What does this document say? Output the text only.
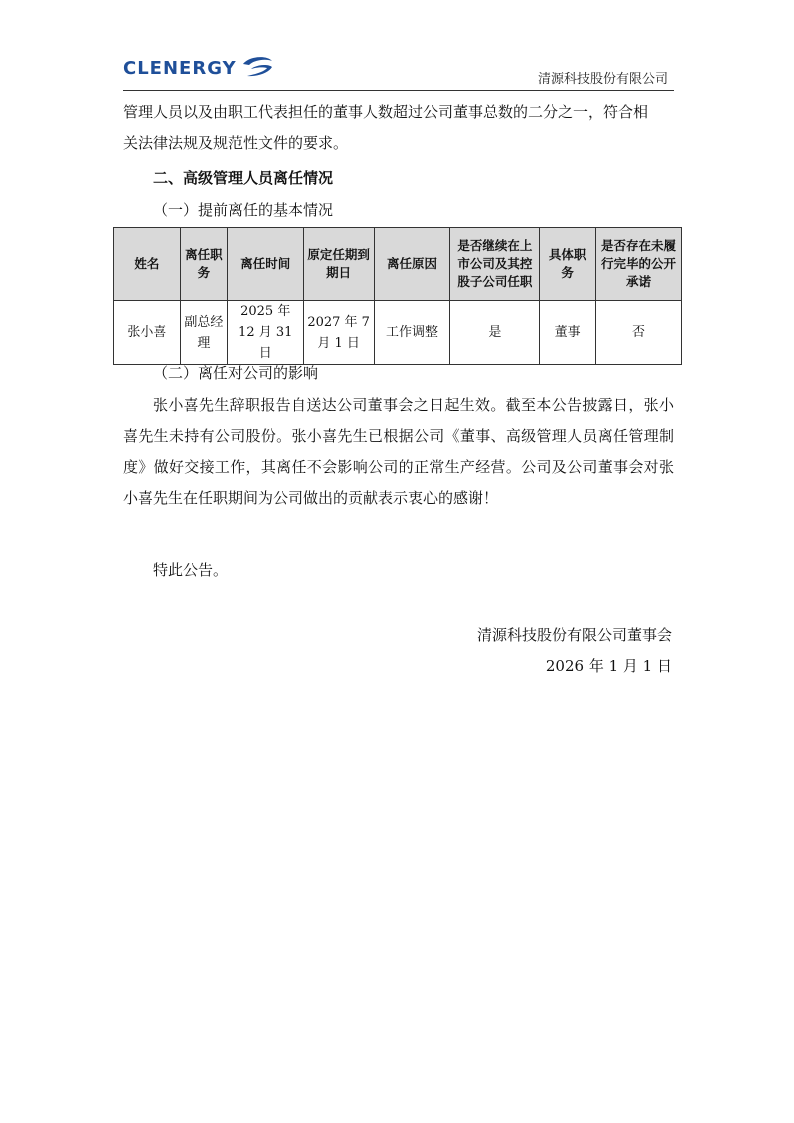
CLENERGY
清源科技股份有限公司

管理人员以及由职工代表担任的董事人数超过公司董事总数的二分之一，符合相

关法律法规及规范性文件的要求。

二、高级管理人员离任情况

（一）提前离任的基本情况

姓名	离任职务	离任时间	原定任期到期日	离任原因	是否继续在上市公司及其控股子公司任职	具体职务	是否存在未履行完毕的公开承诺
张小喜	副总经理	2025 年 12 月 31 日	2027 年 7 月 1 日	工作调整	是	董事	否

（二）离任对公司的影响

张小喜先生辞职报告自送达公司董事会之日起生效。截至本公告披露日，张小喜先生未持有公司股份。张小喜先生已根据公司《董事、高级管理人员离任管理制度》做好交接工作，其离任不会影响公司的正常生产经营。公司及公司董事会对张小喜先生在任职期间为公司做出的贡献表示衷心的感谢！

特此公告。

清源科技股份有限公司董事会
2026 年 1 月 1 日
